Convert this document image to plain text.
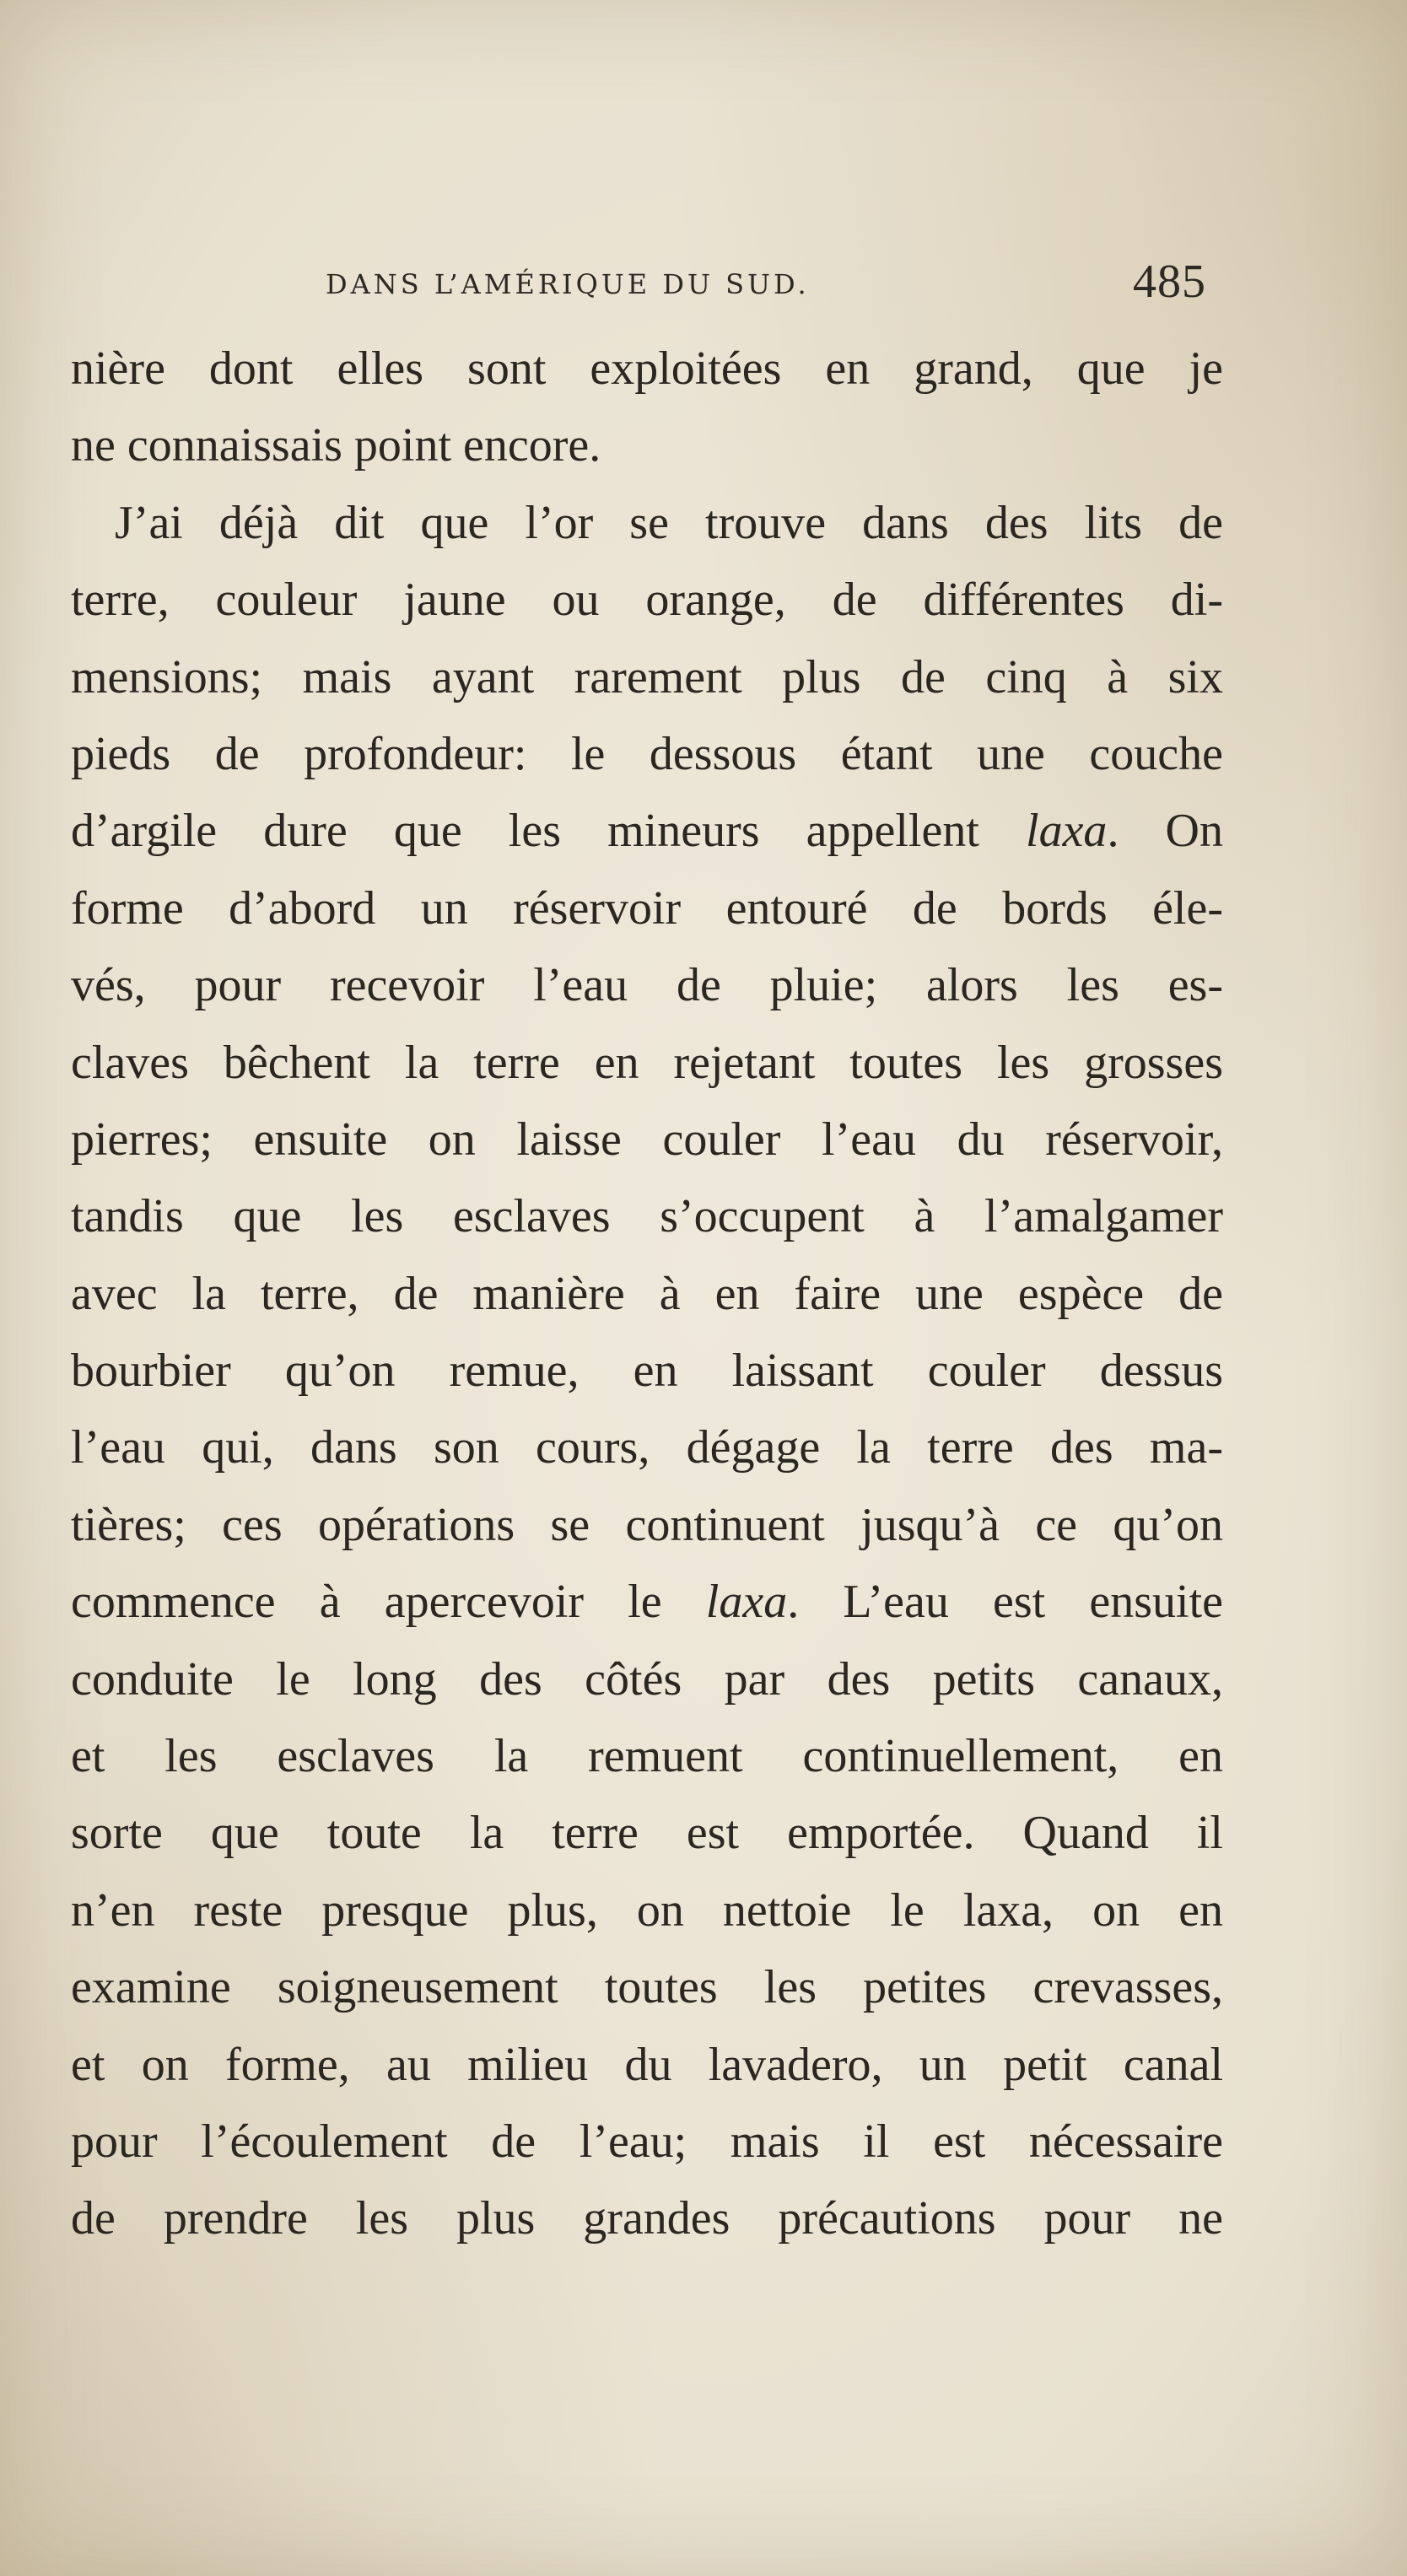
DANS L’AMÉRIQUE DU SUD.	485
nière dont elles sont exploitées en grand, que je
ne connaissais point encore.
J’ai déjà dit que l’or se trouve dans des lits de
terre, couleur jaune ou orange, de différentes di-
mensions; mais ayant rarement plus de cinq à six
pieds de profondeur: le dessous étant une couche
d’argile dure que les mineurs appellent laxa. On
forme d’abord un réservoir entouré de bords éle-
vés, pour recevoir l’eau de pluie; alors les es-
claves bêchent la terre en rejetant toutes les grosses
pierres; ensuite on laisse couler l’eau du réservoir,
tandis que les esclaves s’occupent à l’amalgamer
avec la terre, de manière à en faire une espèce de
bourbier qu’on remue, en laissant couler dessus
l’eau qui, dans son cours, dégage la terre des ma-
tières; ces opérations se continuent jusqu’à ce qu’on
commence à apercevoir le laxa. L’eau est ensuite
conduite le long des côtés par des petits canaux,
et les esclaves la remuent continuellement, en
sorte que toute la terre est emportée. Quand il
n’en reste presque plus, on nettoie le laxa, on en
examine soigneusement toutes les petites crevasses,
et on forme, au milieu du lavadero, un petit canal
pour l’écoulement de l’eau; mais il est nécessaire
de prendre les plus grandes précautions pour ne
